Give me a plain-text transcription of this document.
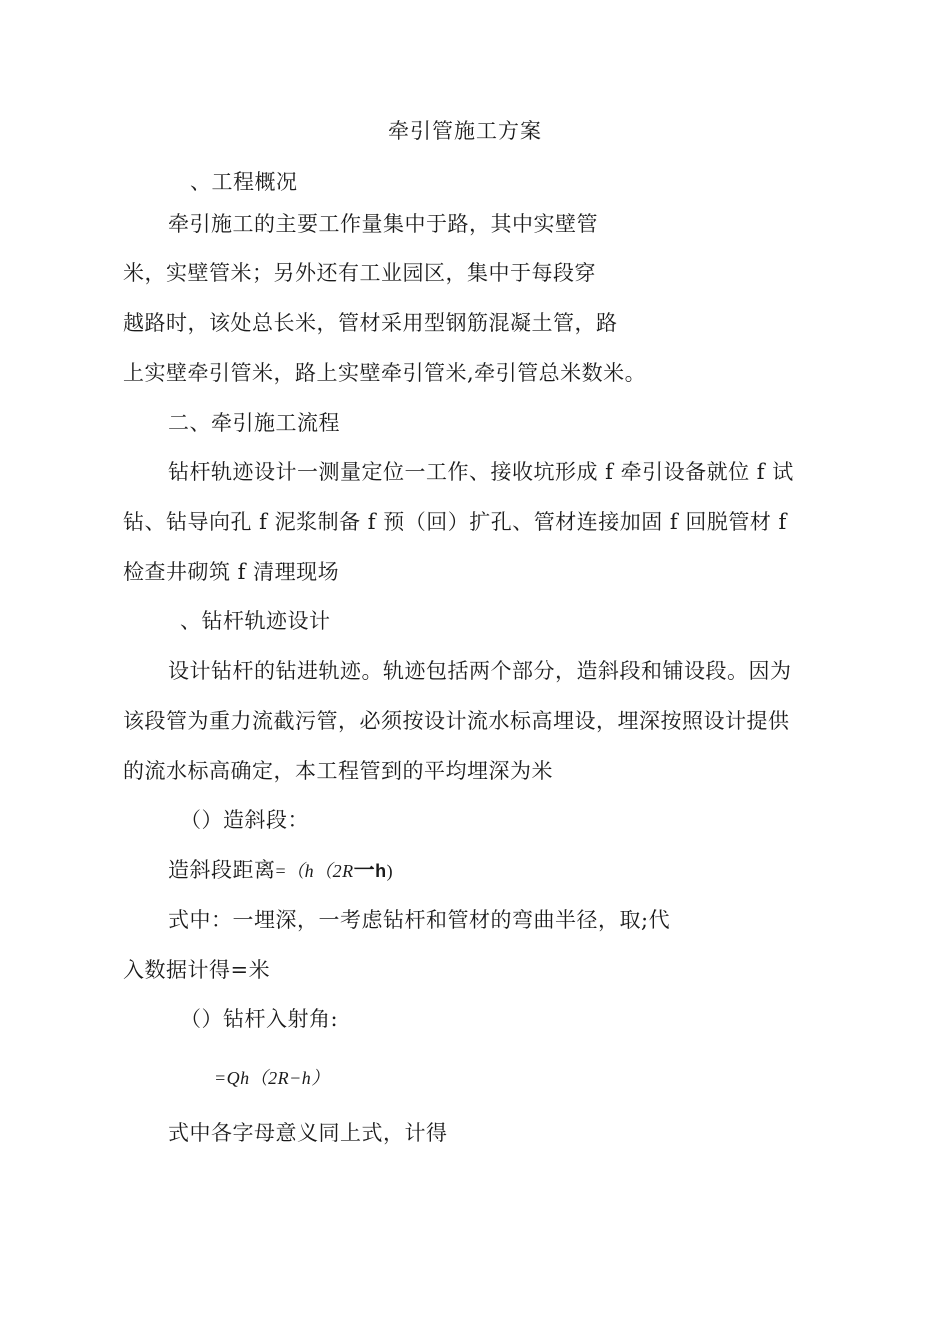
牵引管施工方案
、工程概况
牵引施工的主要工作量集中于路，其中实壁管
米，实壁管米；另外还有工业园区，集中于每段穿
越路时，该处总长米，管材采用型钢筋混凝土管，路
上实壁牵引管米，路上实壁牵引管米,牵引管总米数米。
二、牵引施工流程
钻杆轨迹设计一测量定位一工作、接收坑形成 f 牵引设备就位 f 试
钻、钻导向孔 f 泥浆制备 f 预（回）扩孔、管材连接加固 f 回脱管材 f
检查井砌筑 f 清理现场
、钻杆轨迹设计
设计钻杆的钻进轨迹。轨迹包括两个部分，造斜段和铺设段。因为
该段管为重力流截污管，必须按设计流水标高埋设，埋深按照设计提供
的流水标高确定，本工程管到的平均埋深为米
（）造斜段：
造斜段距离=（h（2R一h)
式中：一埋深，一考虑钻杆和管材的弯曲半径，取;代
入数据计得=米
（）钻杆入射角:
=Qh（2R−h）
式中各字母意义同上式，计得
